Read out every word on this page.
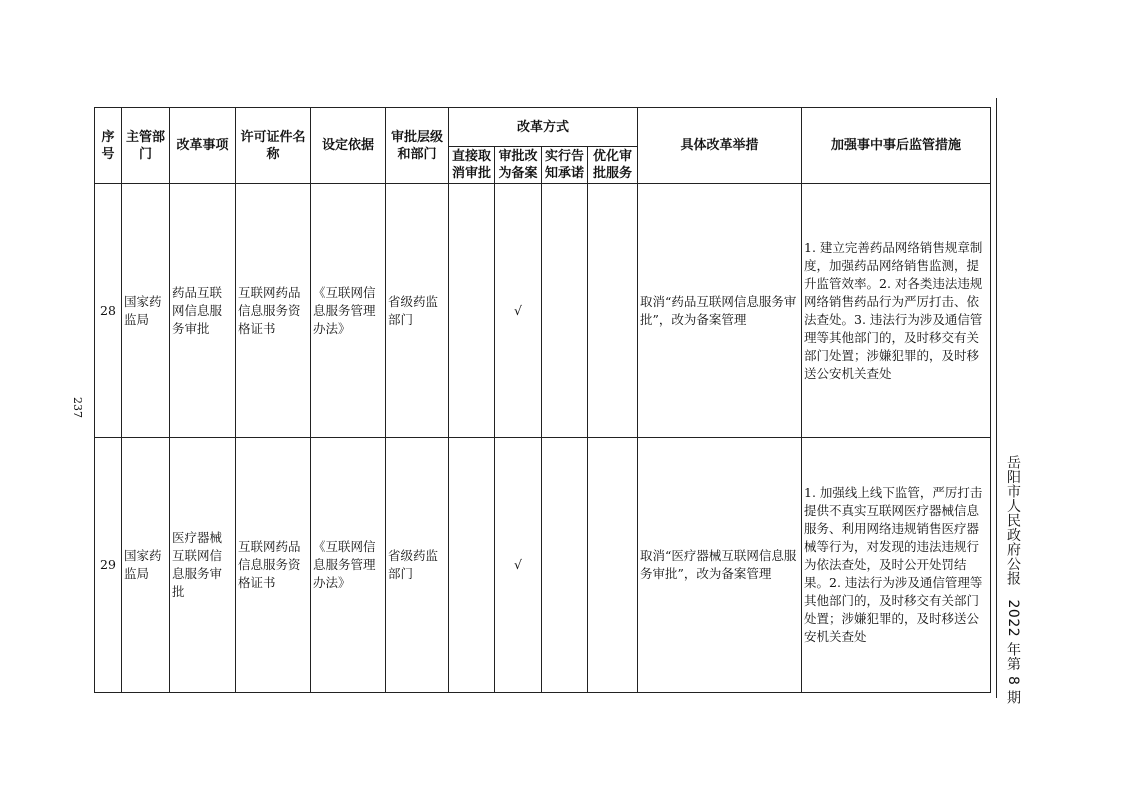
237
序号	主管部门	改革事项	许可证件名称	设定依据	审批层级和部门	改革方式				具体改革举措	加强事中事后监管措施
						直接取消审批	审批改为备案	实行告知承诺	优化审批服务		
28	国家药监局	药品互联网信息服务审批	互联网药品信息服务资格证书	《互联网信息服务管理办法》	省级药监部门		√			取消“药品互联网信息服务审批”，改为备案管理	1. 建立完善药品网络销售规章制度，加强药品网络销售监测，提升监管效率。2. 对各类违法违规网络销售药品行为严厉打击、依法查处。3. 违法行为涉及通信管理等其他部门的，及时移交有关部门处置；涉嫌犯罪的，及时移送公安机关查处
29	国家药监局	医疗器械互联网信息服务审批	互联网药品信息服务资格证书	《互联网信息服务管理办法》	省级药监部门		√			取消“医疗器械互联网信息服务审批”，改为备案管理	1. 加强线上线下监管，严厉打击提供不真实互联网医疗器械信息服务、利用网络违规销售医疗器械等行为，对发现的违法违规行为依法查处，及时公开处罚结果。2. 违法行为涉及通信管理等其他部门的，及时移交有关部门处置；涉嫌犯罪的，及时移送公安机关查处
岳阳市人民政府公报2022 年第 8 期
